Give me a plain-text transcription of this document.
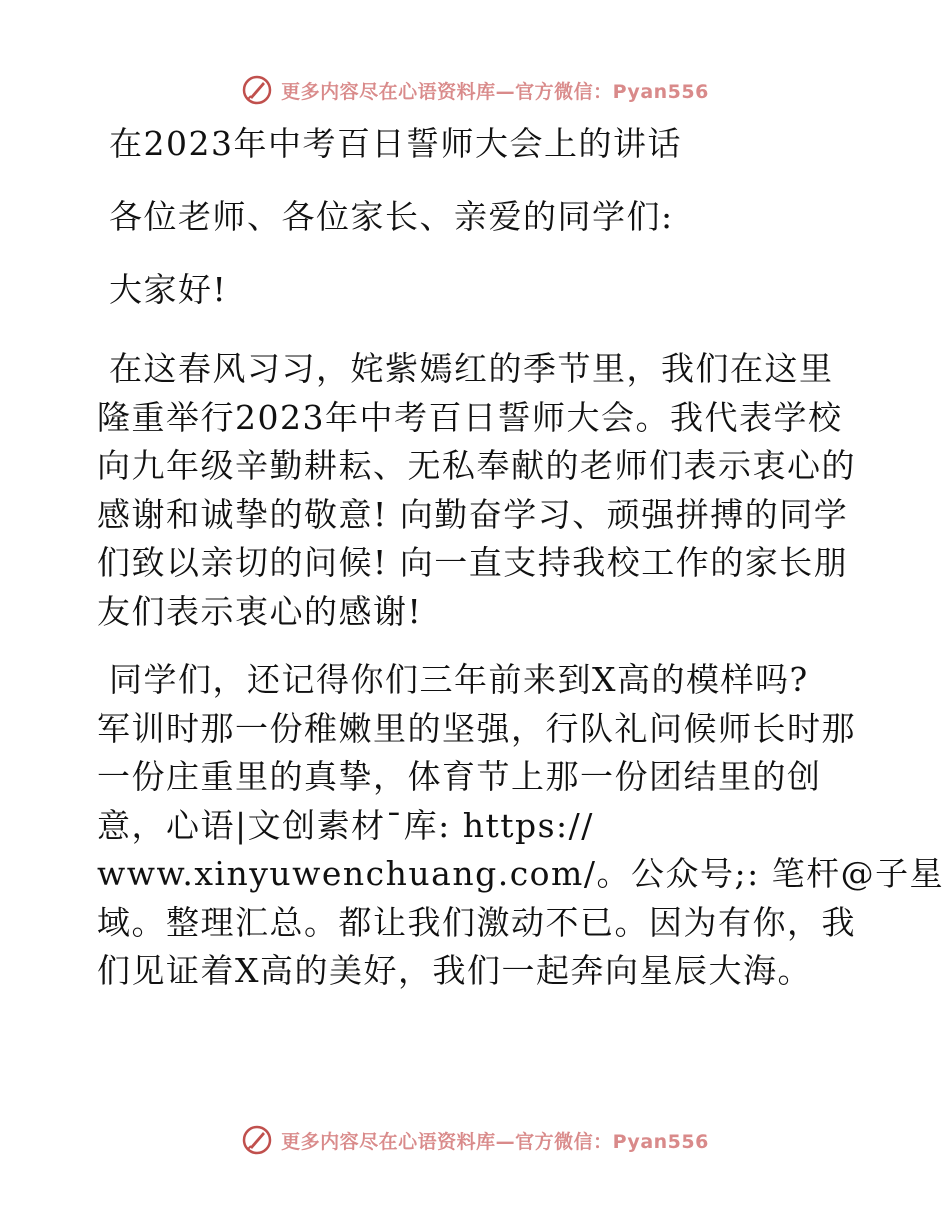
更多内容尽在心语资料库—官方微信：Pyan556
在2023年中考百日誓师大会上的讲话
各位老师、各位家长、亲爱的同学们:
大家好!
在这春风习习，姹紫嫣红的季节里，我们在这里
隆重举行2023年中考百日誓师大会。我代表学校
向九年级辛勤耕耘、无私奉献的老师们表示衷心的
感谢和诚挚的敬意! 向勤奋学习、顽强拼搏的同学
们致以亲切的问候! 向一直支持我校工作的家长朋
友们表示衷心的感谢!
同学们，还记得你们三年前来到X高的模样吗?
军训时那一份稚嫩里的坚强，行队礼问候师长时那
一份庄重里的真挚，体育节上那一份团结里的创
意，心语|文创素材¯库: https://
www.xinyuwenchuang.com/。公众号;: 笔杆@子星
域。整理汇总。都让我们激动不已。因为有你，我
们见证着X高的美好，我们一起奔向星辰大海。
更多内容尽在心语资料库—官方微信：Pyan556
